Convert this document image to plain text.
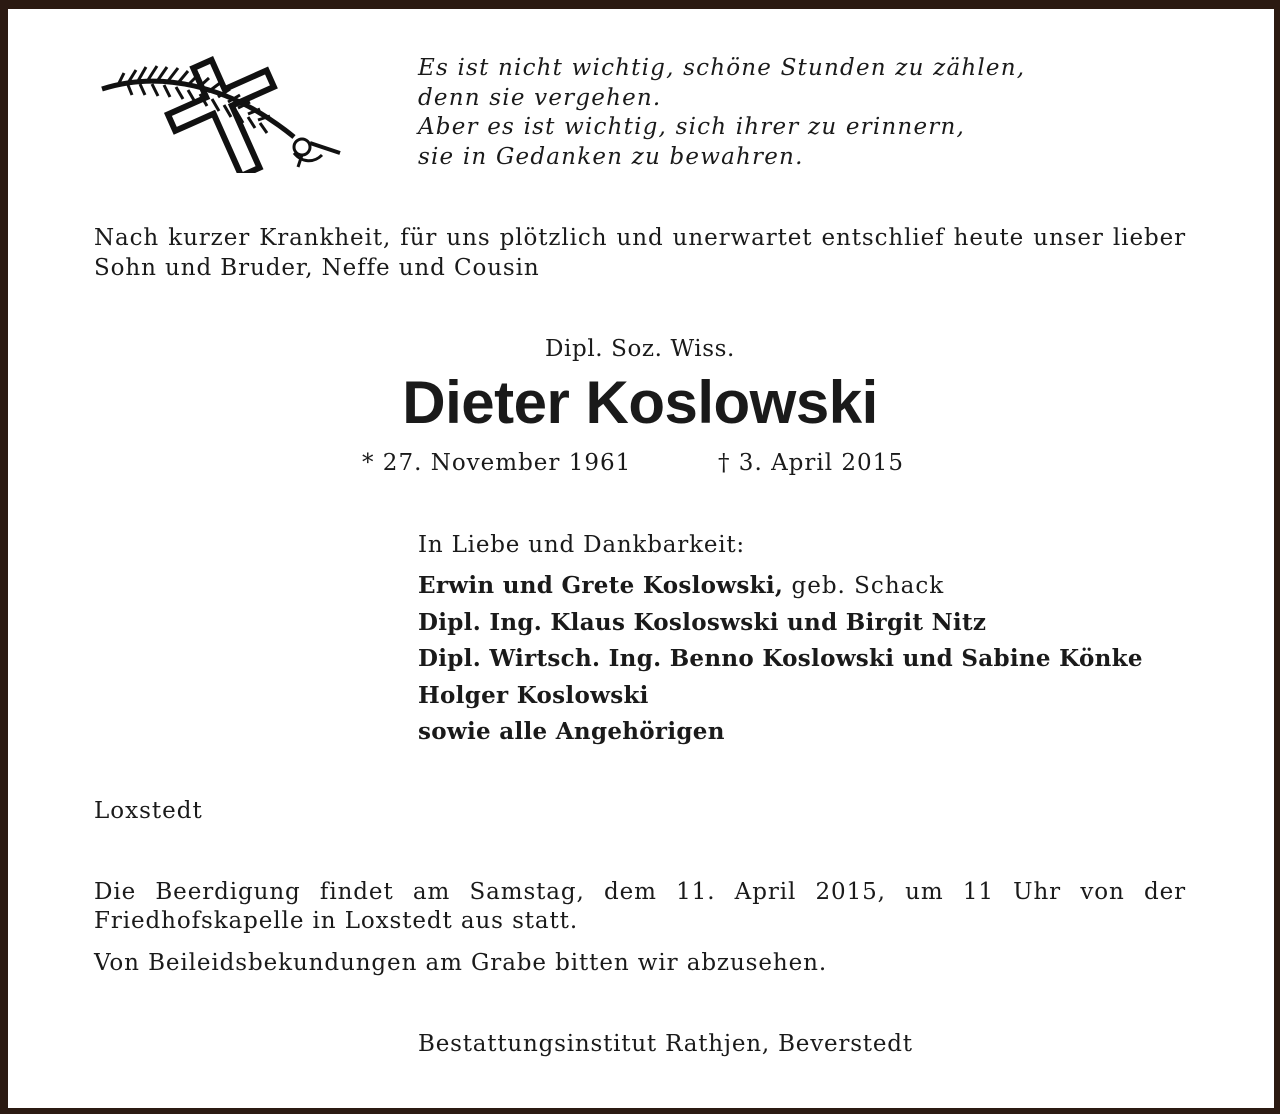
Es ist nicht wichtig, schöne Stunden zu zählen,
denn sie vergehen.
Aber es ist wichtig, sich ihrer zu erinnern,
sie in Gedanken zu bewahren.

Nach kurzer Krankheit, für uns plötzlich und unerwartet entschlief heute unser lieber Sohn und Bruder, Neffe und Cousin

Dipl. Soz. Wiss.
Dieter Koslowski
* 27. November 1961	† 3. April 2015
In Liebe und Dankbarkeit:
Erwin und Grete Koslowski, geb. Schack
Dipl. Ing. Klaus Kosloswski und Birgit Nitz
Dipl. Wirtsch. Ing. Benno Koslowski und Sabine Könke
Holger Koslowski
sowie alle Angehörigen
Loxstedt

Die Beerdigung findet am Samstag, dem 11. April 2015, um 11 Uhr von der Friedhofskapelle in Loxstedt aus statt.

Von Beileidsbekundungen am Grabe bitten wir abzusehen.
Bestattungsinstitut Rathjen, Beverstedt
